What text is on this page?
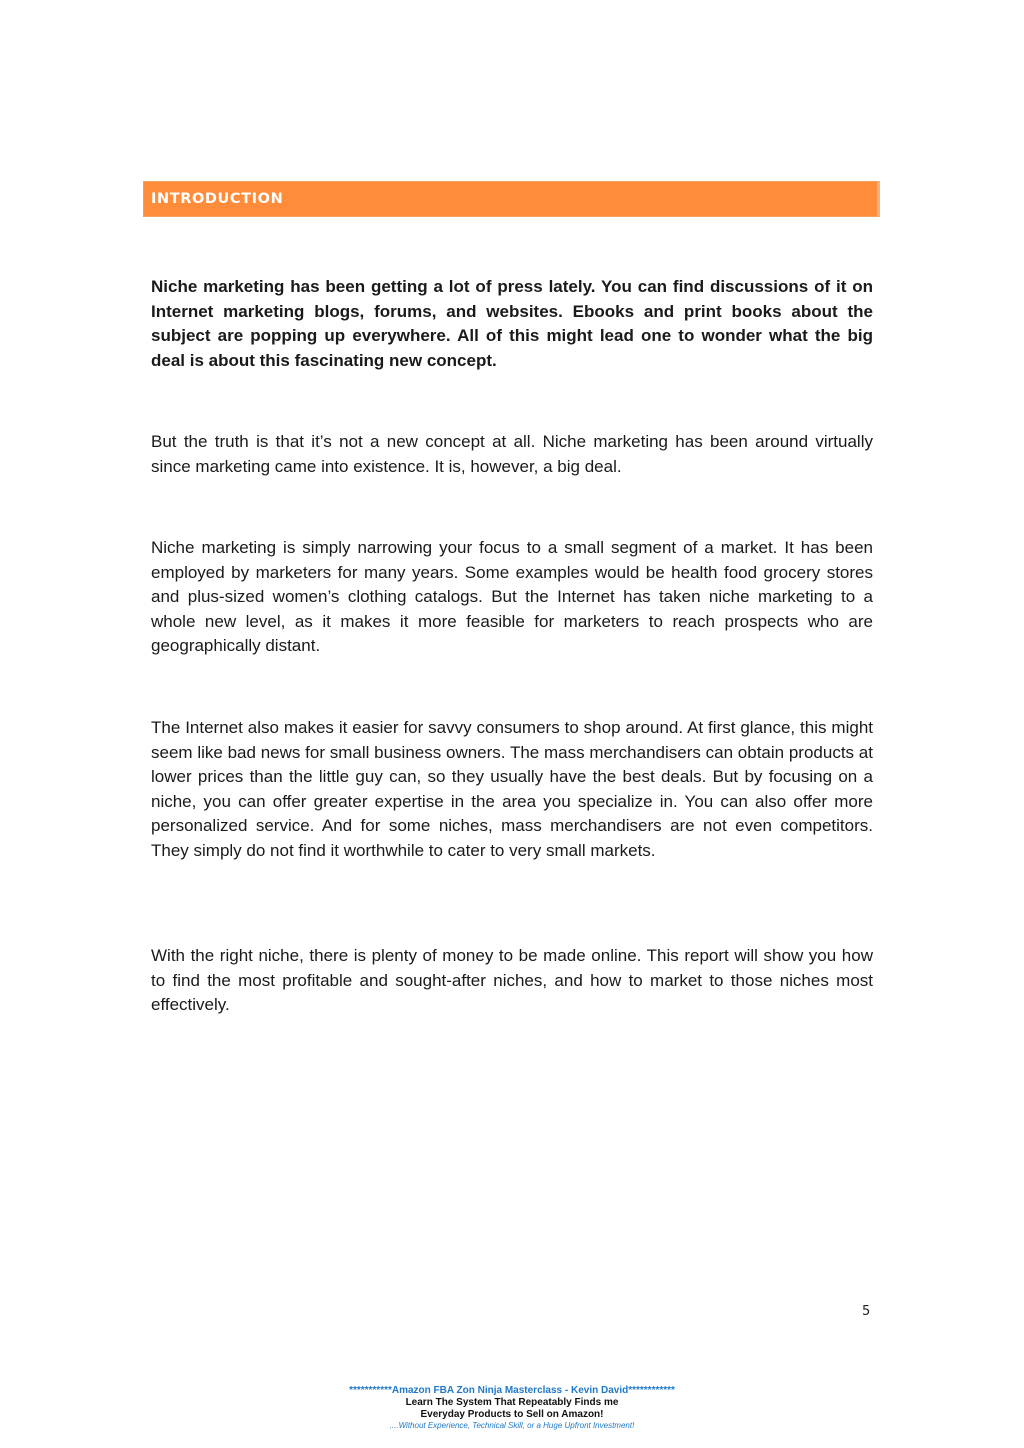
INTRODUCTION

Niche marketing has been getting a lot of press lately. You can find discussions of it on Internet marketing blogs, forums, and websites. Ebooks and print books about the subject are popping up everywhere. All of this might lead one to wonder what the big deal is about this fascinating new concept.

But the truth is that it’s not a new concept at all. Niche marketing has been around virtually since marketing came into existence. It is, however, a big deal.

Niche marketing is simply narrowing your focus to a small segment of a market. It has been employed by marketers for many years. Some examples would be health food grocery stores and plus-sized women’s clothing catalogs. But the Internet has taken niche marketing to a whole new level, as it makes it more feasible for marketers to reach prospects who are geographically distant.

The Internet also makes it easier for savvy consumers to shop around. At first glance, this might seem like bad news for small business owners. The mass merchandisers can obtain products at lower prices than the little guy can, so they usually have the best deals. But by focusing on a niche, you can offer greater expertise in the area you specialize in. You can also offer more personalized service. And for some niches, mass merchandisers are not even competitors. They simply do not find it worthwhile to cater to very small markets.

With the right niche, there is plenty of money to be made online. This report will show you how to find the most profitable and sought-after niches, and how to market to those niches most effectively.

5
***********Amazon FBA Zon Ninja Masterclass - Kevin David************
Learn The System That Repeatably Finds me
Everyday Products to Sell on Amazon!
....Without Experience, Technical Skill, or a Huge Upfront Investment!
